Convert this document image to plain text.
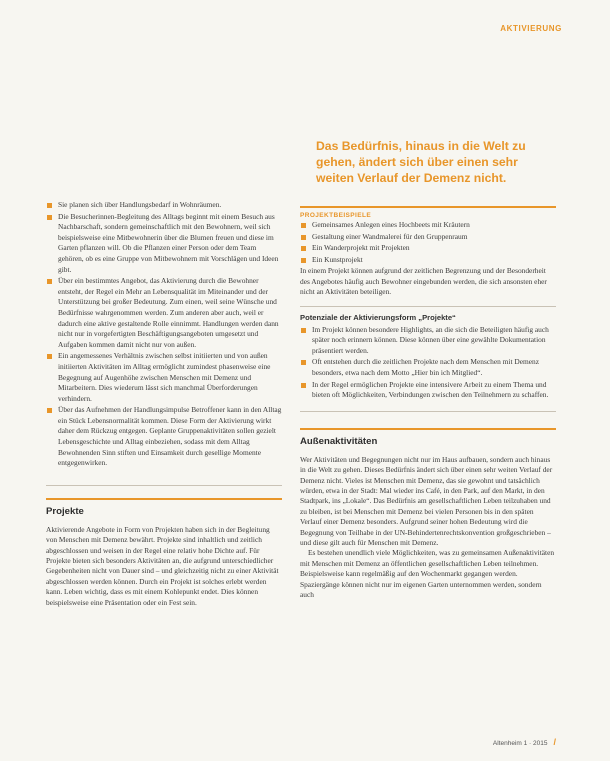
AKTIVIERUNG
Das Bedürfnis, hinaus in die Welt zu
gehen, ändert sich über einen sehr
weiten Verlauf der Demenz nicht.
Sie planen sich über Handlungsbedarf in Wohnräumen.
Die Besucherinnen-Begleitung des Alltags beginnt mit einem Besuch aus Nachbarschaft, sondern gemeinschaftlich mit den Bewohnern, weil sich beispielsweise eine Mitbewohnerin über die Blumen freuen und diese im Garten pflanzen will. Ob die Pflanzen einer Person oder dem Team gehören, ob es eine Gruppe von Mitbewohnern mit Vorschlägen und Ideen gibt.
Über ein bestimmtes Angebot, das Aktivierung durch die Bewohner entsteht, der Regel ein Mehr an Lebensqualität im Miteinander und der Unterstützung bei großer Bedeutung. Zum einen, weil seine Wünsche und Bedürfnisse wahrgenommen werden. Zum anderen aber auch, weil er dadurch eine aktive gestaltende Rolle einnimmt. Handlungen werden dann nicht nur in vorgefertigten Beschäftigungsangeboten umgesetzt und Aufgaben kommen damit nicht nur von außen.
Ein angemessenes Verhältnis zwischen selbst initiierten und von außen initiierten Aktivitäten im Alltag ermöglicht zumindest phasenweise eine Begegnung auf Augenhöhe zwischen Menschen mit Demenz und Mitarbeitern. Dies wiederum lässt sich manchmal Überforderungen verhindern.
Über das Aufnehmen der Handlungsimpulse Betroffener kann in den Alltag ein Stück Lebensnormalität kommen. Diese Form der Aktivierung wirkt daher dem Rückzug entgegen. Geplante Gruppenaktivitäten sollen gezielt Lebensgeschichte und Alltag einbeziehen, sodass mit dem Alltag Bewohnenden Sinn stiften und Einsamkeit durch gesellige Momente entgegenwirken.
Projekte

Aktivierende Angebote in Form von Projekten haben sich in der Begleitung von Menschen mit Demenz bewährt. Projekte sind inhaltlich und zeitlich abgeschlossen und weisen in der Regel eine relativ hohe Dichte auf. Für Projekte bieten sich besonders Aktivitäten an, die aufgrund unterschiedlicher Gegebenheiten nicht von Dauer sind – und gleichzeitig nicht zu einer Aktivität abgeschlossen werden können. Durch ein Projekt ist solches erlebt werden kann. Leben wichtig, dass es mit einem Kohlepunkt endet. Dies können beispielsweise eine Präsentation oder ein Fest sein.

PROJEKTBEISPIELE
Gemeinsames Anlegen eines Hochbeets mit Kräutern
Gestaltung einer Wandmalerei für den Gruppenraum
Ein Wanderprojekt mit Projekten
Ein Kunstprojekt

In einem Projekt können aufgrund der zeitlichen Begrenzung und der Besonderheit des Angebotes häufig auch Bewohner eingebunden werden, die sich ansonsten eher nicht an Aktivitäten beteiligen.

Potenziale der Aktivierungsform „Projekte“
Im Projekt können besondere Highlights, an die sich die Beteiligten häufig auch später noch erinnern können. Diese können über eine gewählte Dokumentation präsentiert werden.
Oft entstehen durch die zeitlichen Projekte nach dem Menschen mit Demenz besonders, etwa nach dem Motto „Hier bin ich Mitglied“.
In der Regel ermöglichen Projekte eine intensivere Arbeit zu einem Thema und bieten oft Möglichkeiten, Verbindungen zwischen den Teilnehmern zu schaffen.
Außenaktivitäten

Wer Aktivitäten und Begegnungen nicht nur im Haus aufbauen, sondern auch hinaus in die Welt zu gehen. Dieses Bedürfnis ändert sich über einen sehr weiten Verlauf der Demenz nicht. Vieles ist Menschen mit Demenz, das sie gewohnt und tatsächlich würden, etwa in der Stadt: Mal wieder ins Café, in den Park, auf den Markt, in den Stadtpark, ins „Lokale“. Das Bedürfnis am gesellschaftlichen Leben teilzuhaben und zu bleiben, ist bei Menschen mit Demenz bei vielen Personen bis in den späten Verlauf einer Demenz besonders. Aufgrund seiner hohen Bedeutung wird die Begegnung von Teilhabe in der UN-Behindertenrechtskonvention großgeschrieben – und diese gilt auch für Menschen mit Demenz.

Es bestehen unendlich viele Möglichkeiten, was zu gemeinsamen Außenaktivitäten mit Menschen mit Demenz an öffentlichen gesellschaftlichen Leben teilnehmen. Beispielsweise kann regelmäßig auf den Wochenmarkt gegangen werden. Spaziergänge können nicht nur im eigenen Garten unternommen werden, sondern auch

Altenheim 1 · 2015 /
